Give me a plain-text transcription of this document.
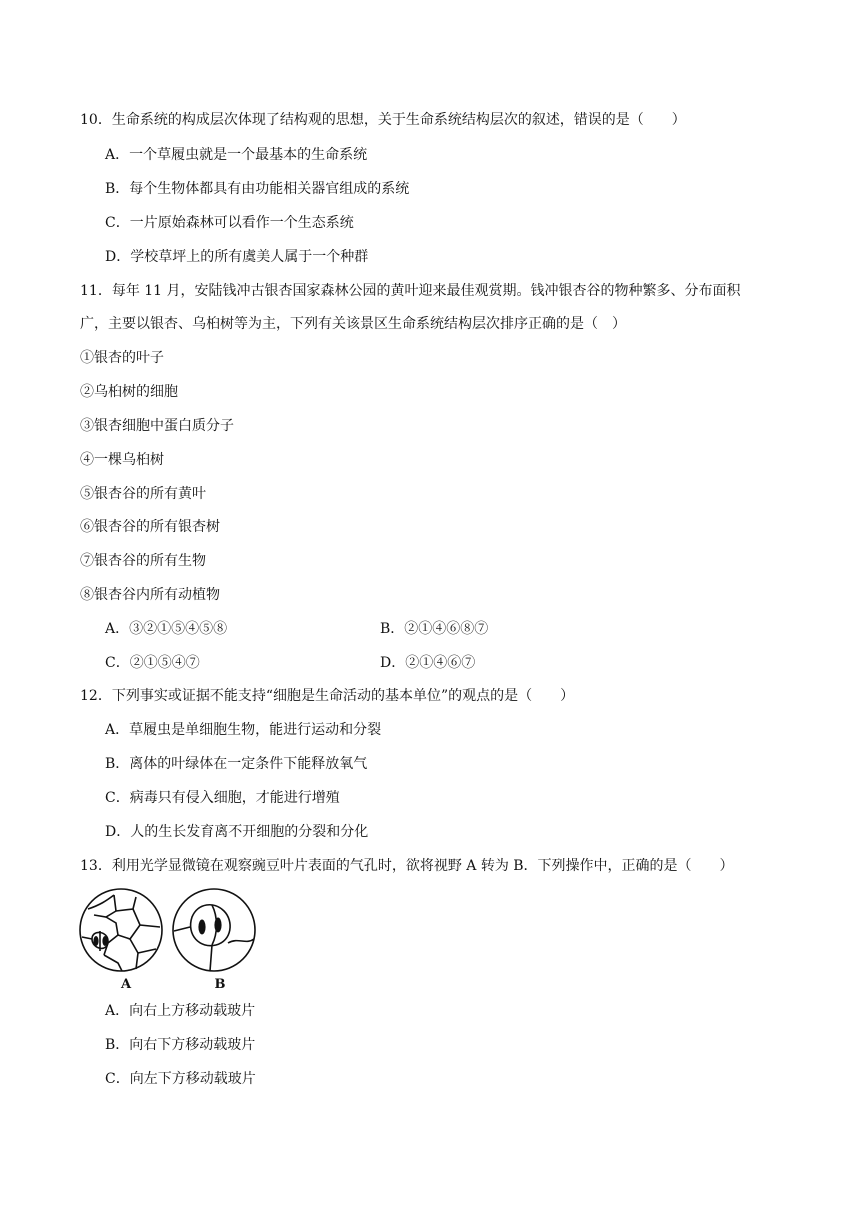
10．生命系统的构成层次体现了结构观的思想，关于生命系统结构层次的叙述，错误的是（　　）
A．一个草履虫就是一个最基本的生命系统
B．每个生物体都具有由功能相关器官组成的系统
C．一片原始森林可以看作一个生态系统
D．学校草坪上的所有虞美人属于一个种群
11．每年 11 月，安陆钱冲古银杏国家森林公园的黄叶迎来最佳观赏期。钱冲银杏谷的物种繁多、分布面积
广，主要以银杏、乌桕树等为主，下列有关该景区生命系统结构层次排序正确的是（　）
①银杏的叶子
②乌桕树的细胞
③银杏细胞中蛋白质分子
④一棵乌桕树
⑤银杏谷的所有黄叶
⑥银杏谷的所有银杏树
⑦银杏谷的所有生物
⑧银杏谷内所有动植物
A．③②①⑤④⑤⑧	B．②①④⑥⑧⑦
C．②①⑤④⑦	D．②①④⑥⑦
12．下列事实或证据不能支持“细胞是生命活动的基本单位”的观点的是（　　）
A．草履虫是单细胞生物，能进行运动和分裂
B．离体的叶绿体在一定条件下能释放氧气
C．病毒只有侵入细胞，才能进行增殖
D．人的生长发育离不开细胞的分裂和分化
13．利用光学显微镜在观察豌豆叶片表面的气孔时，欲将视野 A 转为 B．下列操作中，正确的是（　　）
A	B
A．向右上方移动载玻片
B．向右下方移动载玻片
C．向左下方移动载玻片
